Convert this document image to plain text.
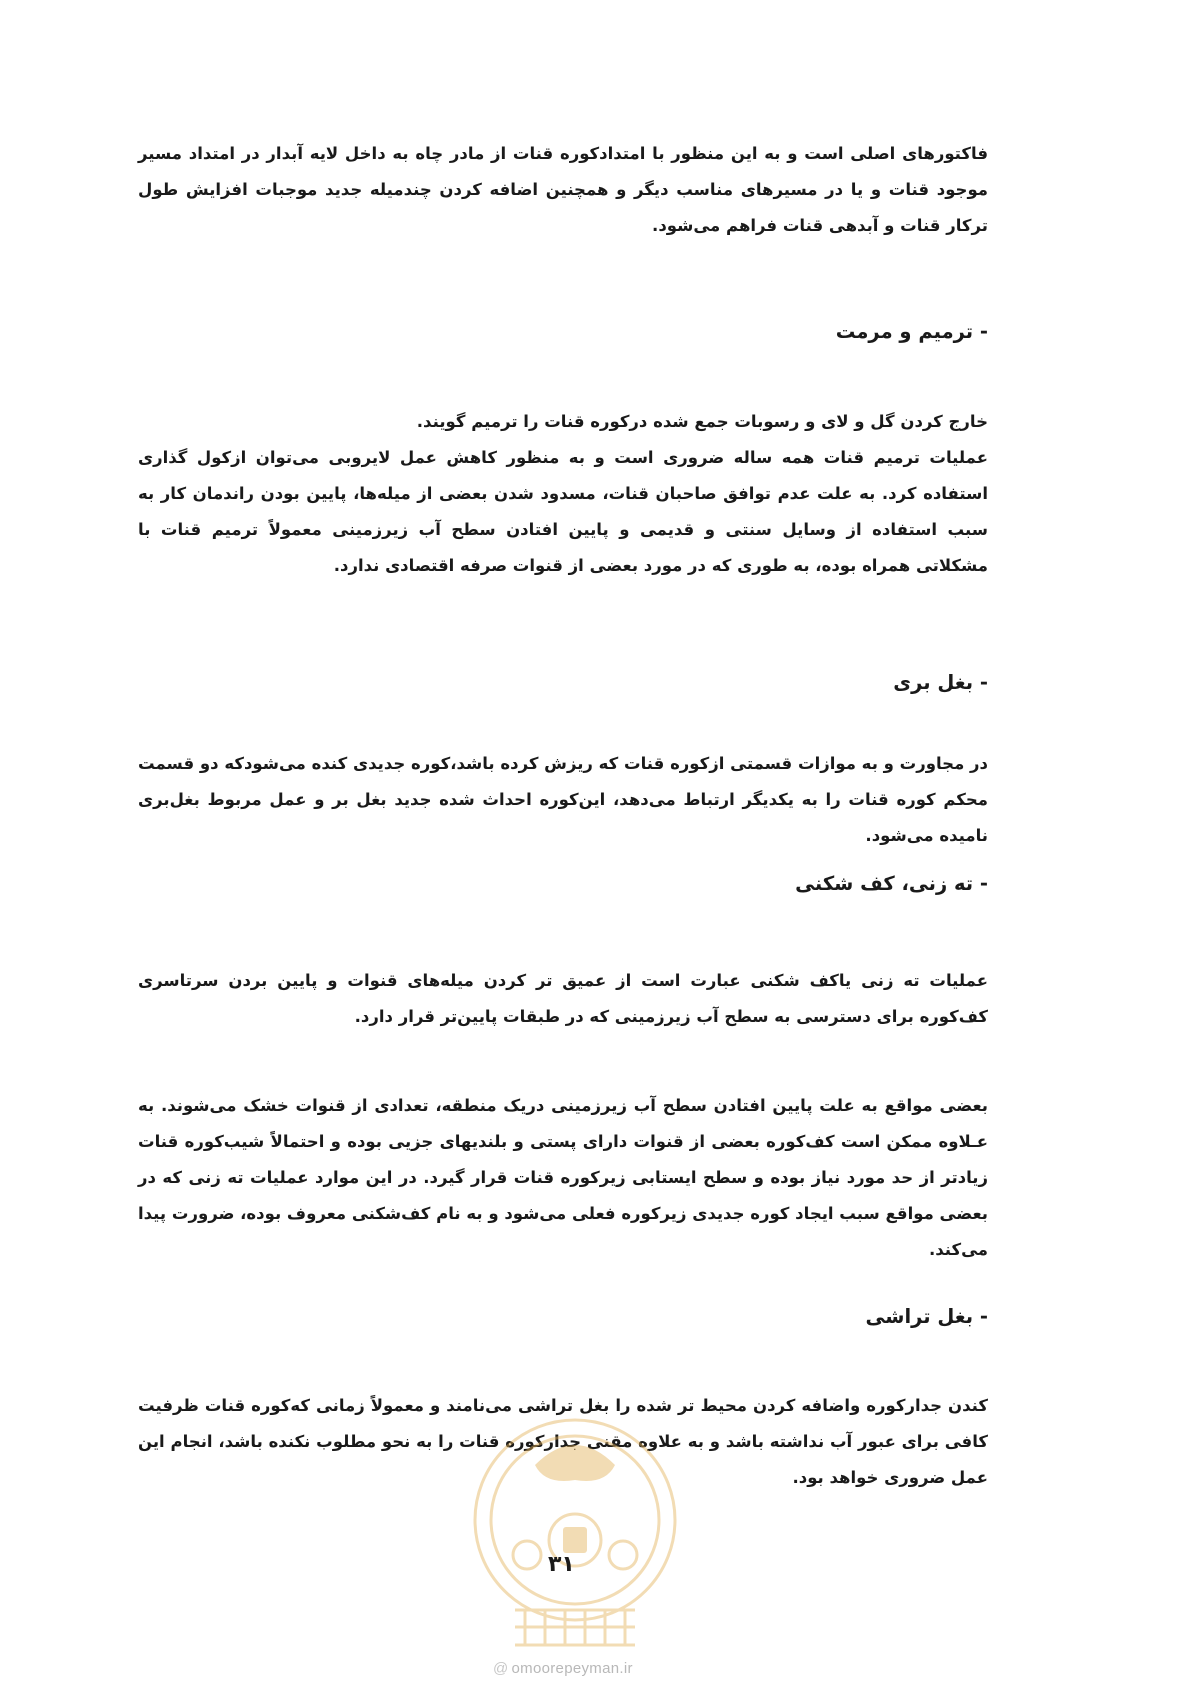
فاکتورهای اصلی است و به این منظور با امتدادکوره قنات از مادر چاه به داخل لایه آبدار در امتداد مسیر موجود قنات و یا در مسیرهای مناسب دیگر و همچنین اضافه کردن چندمیله جدید موجبات افزایش طول ترکار قنات و آبدهی قنات فراهم می‌شود.

- ترمیم و مرمت

خارج کردن گل و لای و رسوبات جمع شده درکوره قنات را ترمیم گویند.

عملیات ترمیم قنات همه ساله ضروری است و به منظور کاهش عمل لایروبی می‌توان ازکول گذاری استفاده کرد. به علت عدم توافق صاحبان قنات، مسدود شدن بعضی از میله‌ها، پایین بودن راندمان کار به سبب استفاده از وسایل سنتی و قدیمی و پایین افتادن سطح آب زیرزمینی معمولاً ترمیم قنات با مشکلاتی همراه بوده، به طوری که در مورد بعضی از قنوات صرفه اقتصادی ندارد.

- بغل بری

در مجاورت و به موازات قسمتی ازکوره قنات که ریزش کرده باشد،کوره جدیدی کنده می‌شودکه دو قسمت محکم کوره قنات را به یکدیگر ارتباط می‌دهد، این‌کوره احداث شده جدید بغل بر و عمل مربوط بغل‌بری نامیده می‌شود.

- ته زنی، کف شکنی

عملیات ته زنی یاکف شکنی عبارت است از عمیق تر کردن میله‌های قنوات و پایین بردن سرتاسری کف‌کوره برای دسترسی به سطح آب زیرزمینی که در طبقات پایین‌تر قرار دارد.

بعضی مواقع به علت پایین افتادن سطح آب زیرزمینی دریک منطقه، تعدادی از قنوات خشک می‌شوند. به عـلاوه ممکن است کف‌کوره بعضی از قنوات دارای پستی و بلندیهای جزیی بوده و احتمالاً شیب‌کوره قنات زیادتر از حد مورد نیاز بوده و سطح ایستابی زیرکوره قنات قرار گیرد. در این موارد عملیات ته زنی که در بعضی مواقع سبب ایجاد کوره جدیدی زیرکوره فعلی می‌شود و به نام کف‌شکنی معروف بوده، ضرورت پیدا می‌کند.

- بغل تراشی

کندن جدارکوره واضافه کردن محیط تر شده را بغل تراشی می‌نامند و معمولاً زمانی که‌کوره قنات ظرفیت کافی برای عبور آب نداشته باشد و به علاوه مقنی جدارکوره قنات را به نحو مطلوب نکنده باشد، انجام این عمل ضروری خواهد بود.

۳۱
@ omoorepeyman.ir
